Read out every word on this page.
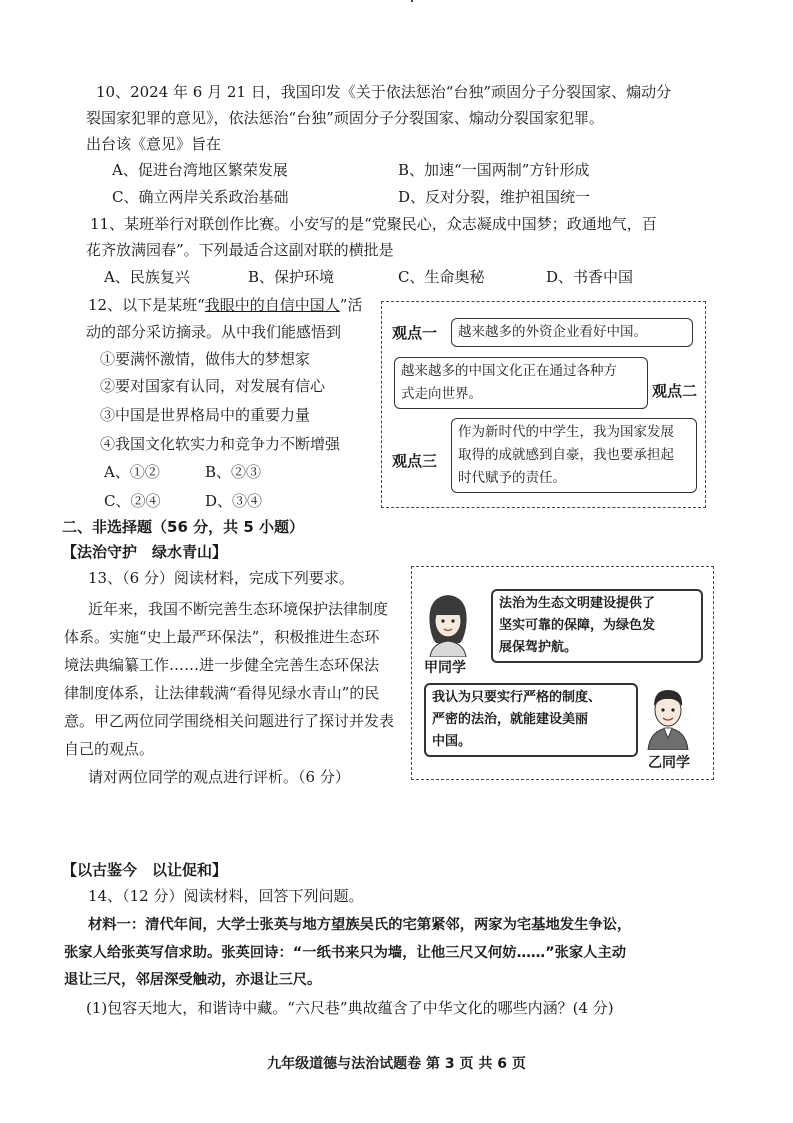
10、2024 年 6 月 21 日，我国印发《关于依法惩治“台独”顽固分子分裂国家、煽动分
裂国家犯罪的意见》，依法惩治“台独”顽固分子分裂国家、煽动分裂国家犯罪。
出台该《意见》旨在
A、促进台湾地区繁荣发展	B、加速“一国两制”方针形成
C、确立两岸关系政治基础	D、反对分裂，维护祖国统一
11、某班举行对联创作比赛。小安写的是“党聚民心，众志凝成中国梦；政通地气，百
花齐放满园春”。下列最适合这副对联的横批是
A、民族复兴	B、保护环境	C、生命奥秘	D、书香中国
12、以下是某班“我眼中的自信中国人”活
动的部分采访摘录。从中我们能感悟到
①要满怀激情，做伟大的梦想家
②要对国家有认同，对发展有信心
③中国是世界格局中的重要力量
④我国文化软实力和竞争力不断增强
A、①②	B、②③
C、②④	D、③④
观点一	越来越多的外资企业看好中国。
越来越多的中国文化正在通过各种方
式走向世界。	观点二
观点三
作为新时代的中学生，我为国家发展
取得的成就感到自豪，我也要承担起
时代赋予的责任。
二、非选择题（56 分，共 5 小题）
【法治守护　绿水青山】
13、（6 分）阅读材料，完成下列要求。
近年来，我国不断完善生态环境保护法律制度
体系。实施“史上最严环保法”，积极推进生态环
境法典编纂工作……进一步健全完善生态环保法
律制度体系，让法律载满“看得见绿水青山”的民
意。甲乙两位同学围绕相关问题进行了探讨并发表
自己的观点。
请对两位同学的观点进行评析。（6 分）
甲同学
法治为生态文明建设提供了
坚实可靠的保障，为绿色发
展保驾护航。
我认为只要实行严格的制度、
严密的法治，就能建设美丽
中国。
乙同学
【以古鉴今　以让促和】
14、（12 分）阅读材料，回答下列问题。
材料一：清代年间，大学士张英与地方望族吴氏的宅第紧邻，两家为宅基地发生争讼，
张家人给张英写信求助。张英回诗：“一纸书来只为墙，让他三尺又何妨……”张家人主动
退让三尺，邻居深受触动，亦退让三尺。
(1)包容天地大，和谐诗中藏。“六尺巷”典故蕴含了中华文化的哪些内涵？(4 分)
九年级道德与法治试题卷 第 3 页 共 6 页
